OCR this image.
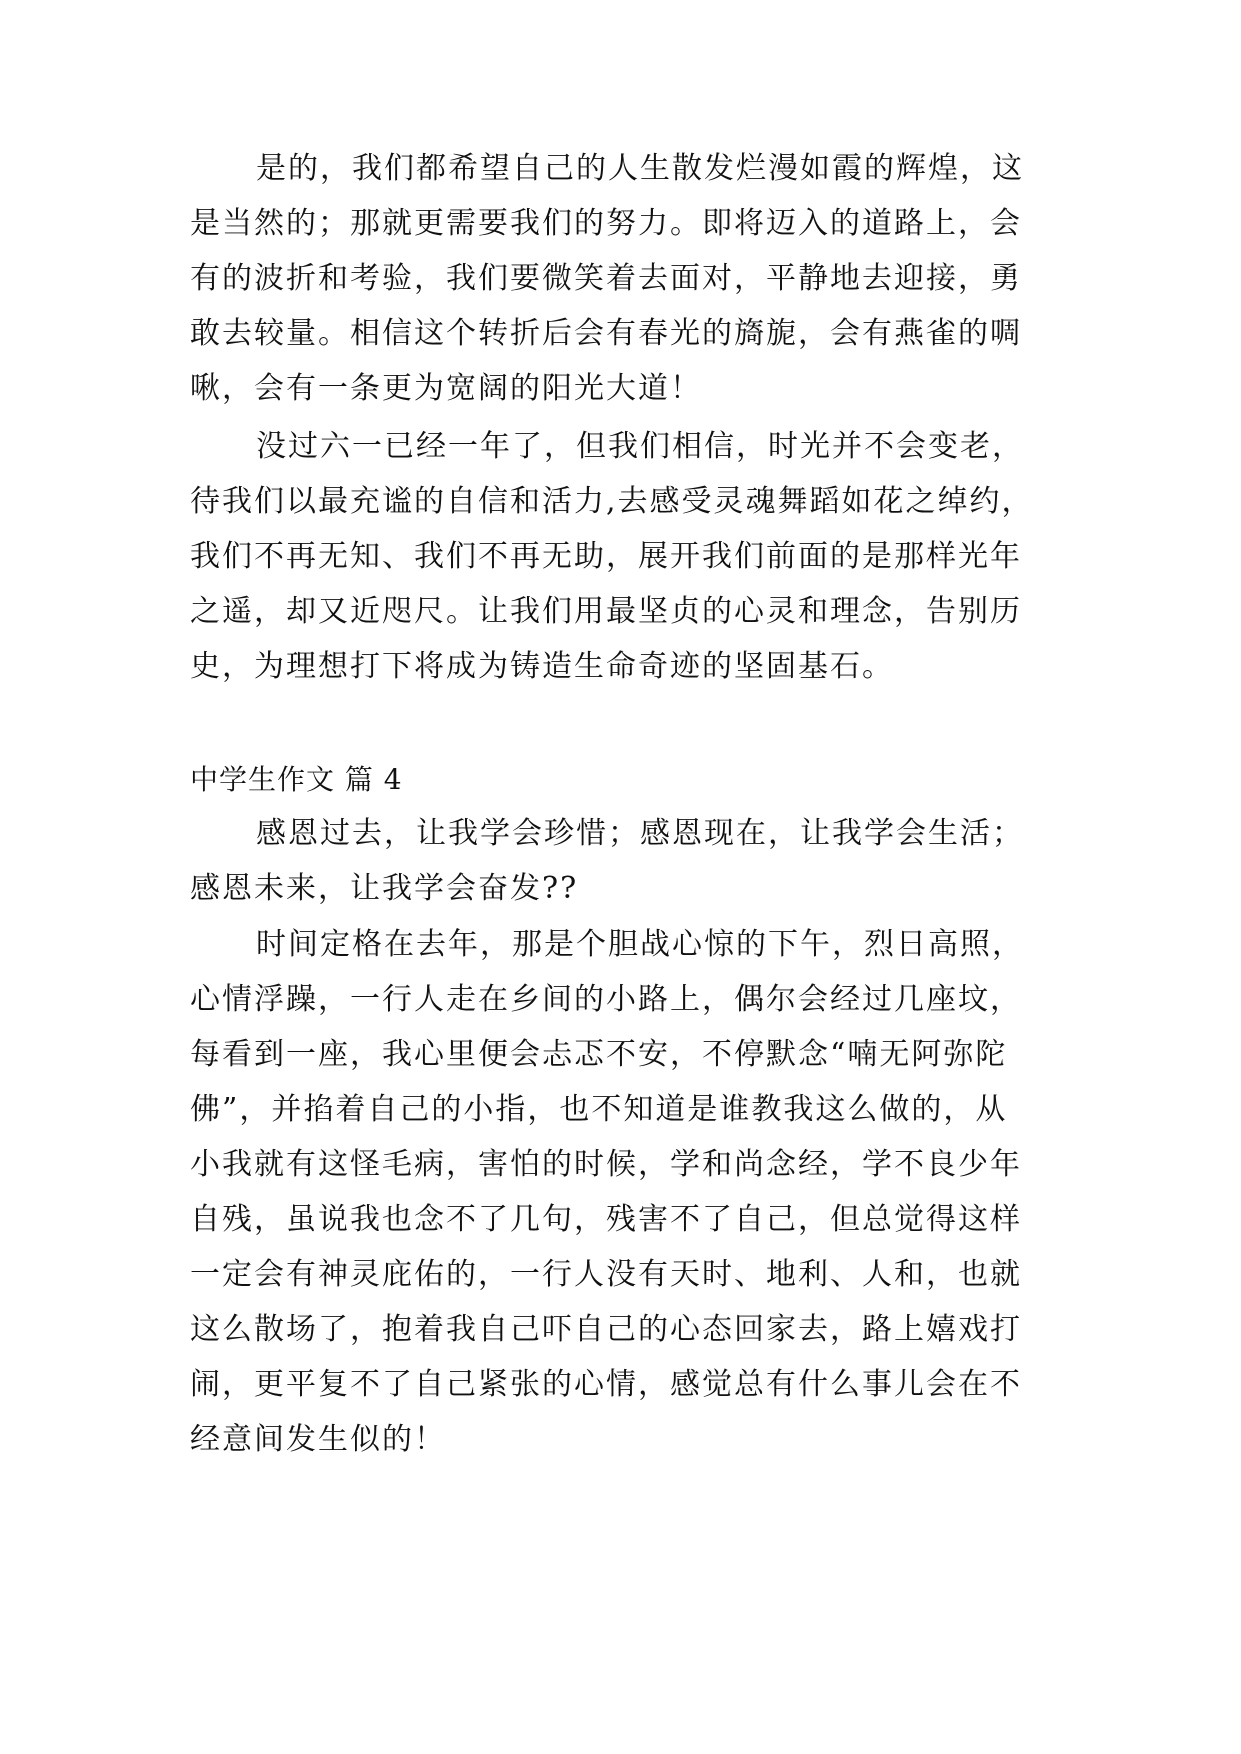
是的，我们都希望自己的人生散发烂漫如霞的辉煌，这
是当然的；那就更需要我们的努力。即将迈入的道路上，会
有的波折和考验，我们要微笑着去面对，平静地去迎接，勇
敢去较量。相信这个转折后会有春光的旖旎，会有燕雀的啁
啾，会有一条更为宽阔的阳光大道！
没过六一已经一年了，但我们相信，时光并不会变老，
待我们以最充谧的自信和活力,去感受灵魂舞蹈如花之绰约，
我们不再无知、我们不再无助，展开我们前面的是那样光年
之遥，却又近咫尺。让我们用最坚贞的心灵和理念，告别历
史，为理想打下将成为铸造生命奇迹的坚固基石。
中学生作文 篇 4
感恩过去，让我学会珍惜；感恩现在，让我学会生活；
感恩未来，让我学会奋发??
时间定格在去年，那是个胆战心惊的下午，烈日高照，
心情浮躁，一行人走在乡间的小路上，偶尔会经过几座坟，
每看到一座，我心里便会忐忑不安，不停默念“喃无阿弥陀
佛”，并掐着自己的小指，也不知道是谁教我这么做的，从
小我就有这怪毛病，害怕的时候，学和尚念经，学不良少年
自残，虽说我也念不了几句，残害不了自己，但总觉得这样
一定会有神灵庇佑的，一行人没有天时、地利、人和，也就
这么散场了，抱着我自己吓自己的心态回家去，路上嬉戏打
闹，更平复不了自己紧张的心情，感觉总有什么事儿会在不
经意间发生似的！
